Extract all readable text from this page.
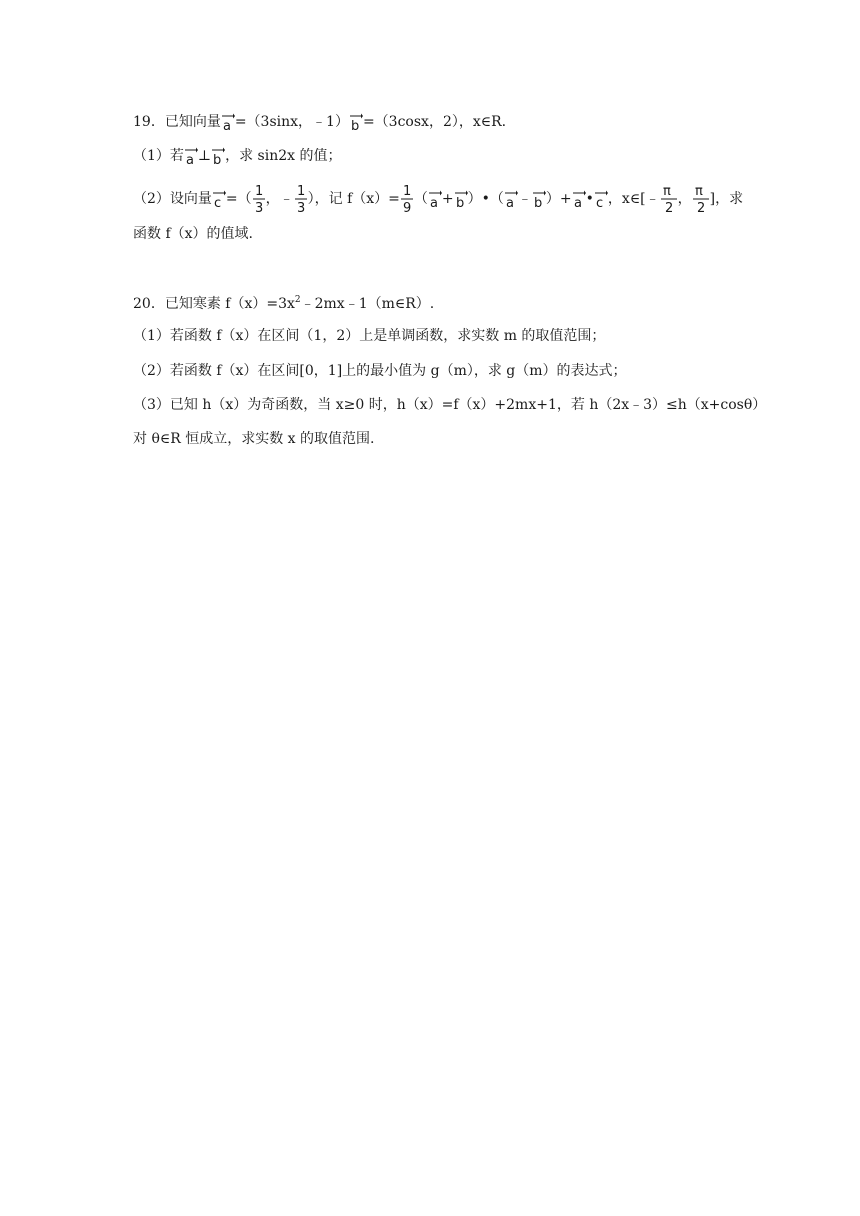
19．已知向量 a =（3sinx，﹣1） b =（3cosx，2），x∈R.
（1）若 a ⊥ b ，求 sin2x 的值；
（2）设向量 c =（ 1
3
，﹣ 1
3
），记 f（x）= 1
9
（ a + b ）•（ a ﹣ b ）+ a • c ，x∈[﹣ π
2
， π
2
]，求
函数 f（x）的值域.
20．已知寒素 $f(x)=3x^2﹣2mx﹣1(m\in R)$.
（1）若函数 f（x）在区间（1，2）上是单调函数，求实数 m 的取值范围；
（2）若函数 f（x）在区间[0，1]上的最小值为 g（m），求 g（m）的表达式；
（3）已知 h（x）为奇函数，当 x≥0 时，h（x）=f（x）+2mx+1，若 h（2x﹣3）≤h（x+cosθ）
对 θ∈R 恒成立，求实数 x 的取值范围.
